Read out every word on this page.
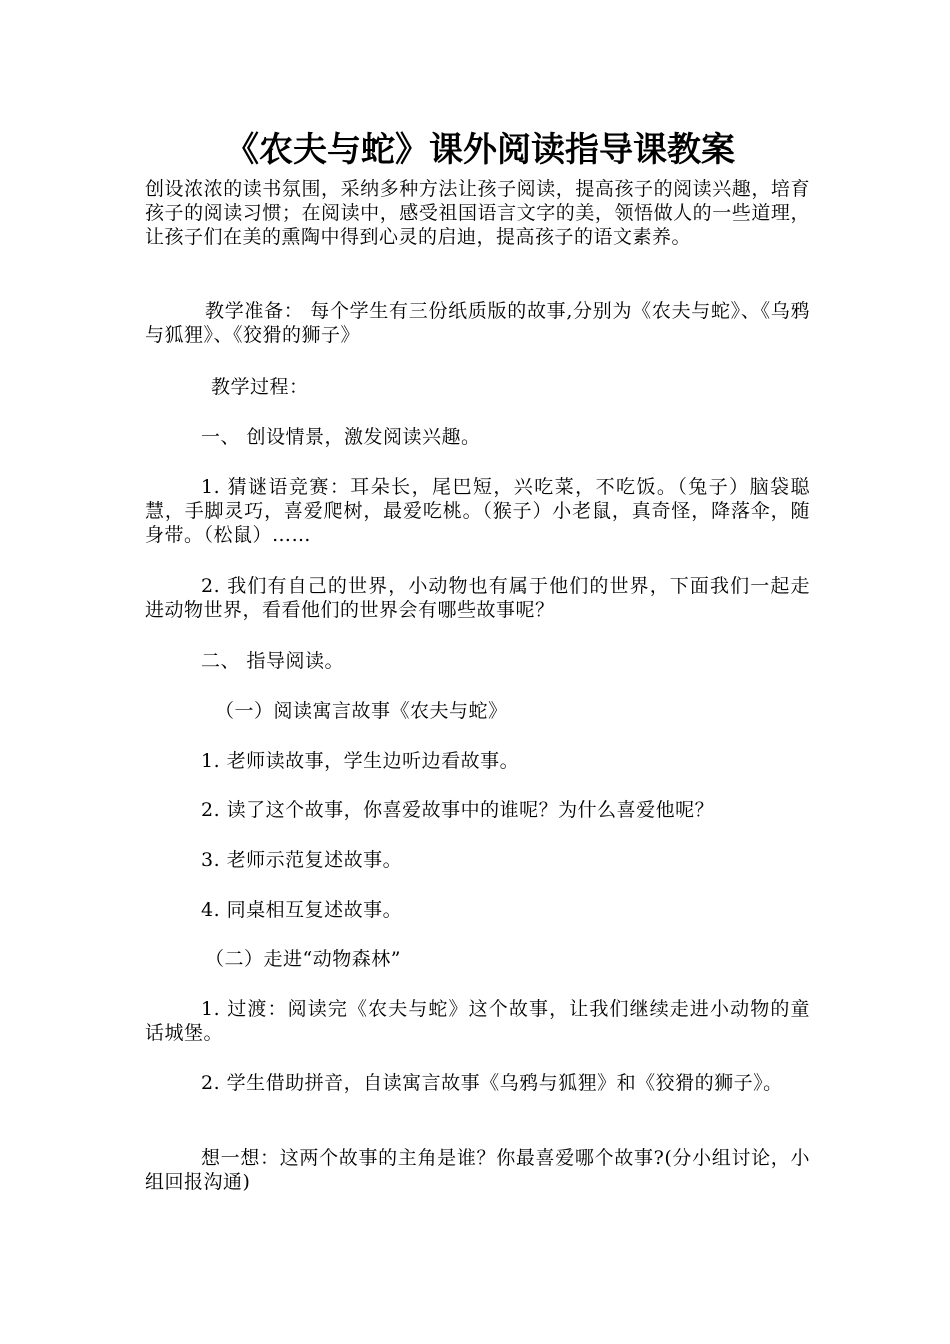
《农夫与蛇》课外阅读指导课教案

创设浓浓的读书氛围，采纳多种方法让孩子阅读，提高孩子的阅读兴趣，培育孩子的阅读习惯；在阅读中，感受祖国语言文字的美，领悟做人的一些道理，让孩子们在美的熏陶中得到心灵的启迪，提高孩子的语文素养。

教学准备： 每个学生有三份纸质版的故事,分别为《农夫与蛇》、《乌鸦与狐狸》、《狡猾的狮子》

教学过程：

一、 创设情景，激发阅读兴趣。

1. 猜谜语竞赛：耳朵长，尾巴短，兴吃菜，不吃饭。（兔子）脑袋聪慧，手脚灵巧，喜爱爬树，最爱吃桃。（猴子）小老鼠，真奇怪，降落伞，随身带。（松鼠）……

2. 我们有自己的世界，小动物也有属于他们的世界，下面我们一起走进动物世界，看看他们的世界会有哪些故事呢？

二、 指导阅读。

（一）阅读寓言故事《农夫与蛇》

1. 老师读故事，学生边听边看故事。

2. 读了这个故事，你喜爱故事中的谁呢？为什么喜爱他呢？

3. 老师示范复述故事。

4. 同桌相互复述故事。

（二）走进“动物森林”

1. 过渡：阅读完《农夫与蛇》这个故事，让我们继续走进小动物的童话城堡。

2. 学生借助拼音，自读寓言故事《乌鸦与狐狸》和《狡猾的狮子》。

想一想：这两个故事的主角是谁？你最喜爱哪个故事?(分小组讨论，小组回报沟通)
